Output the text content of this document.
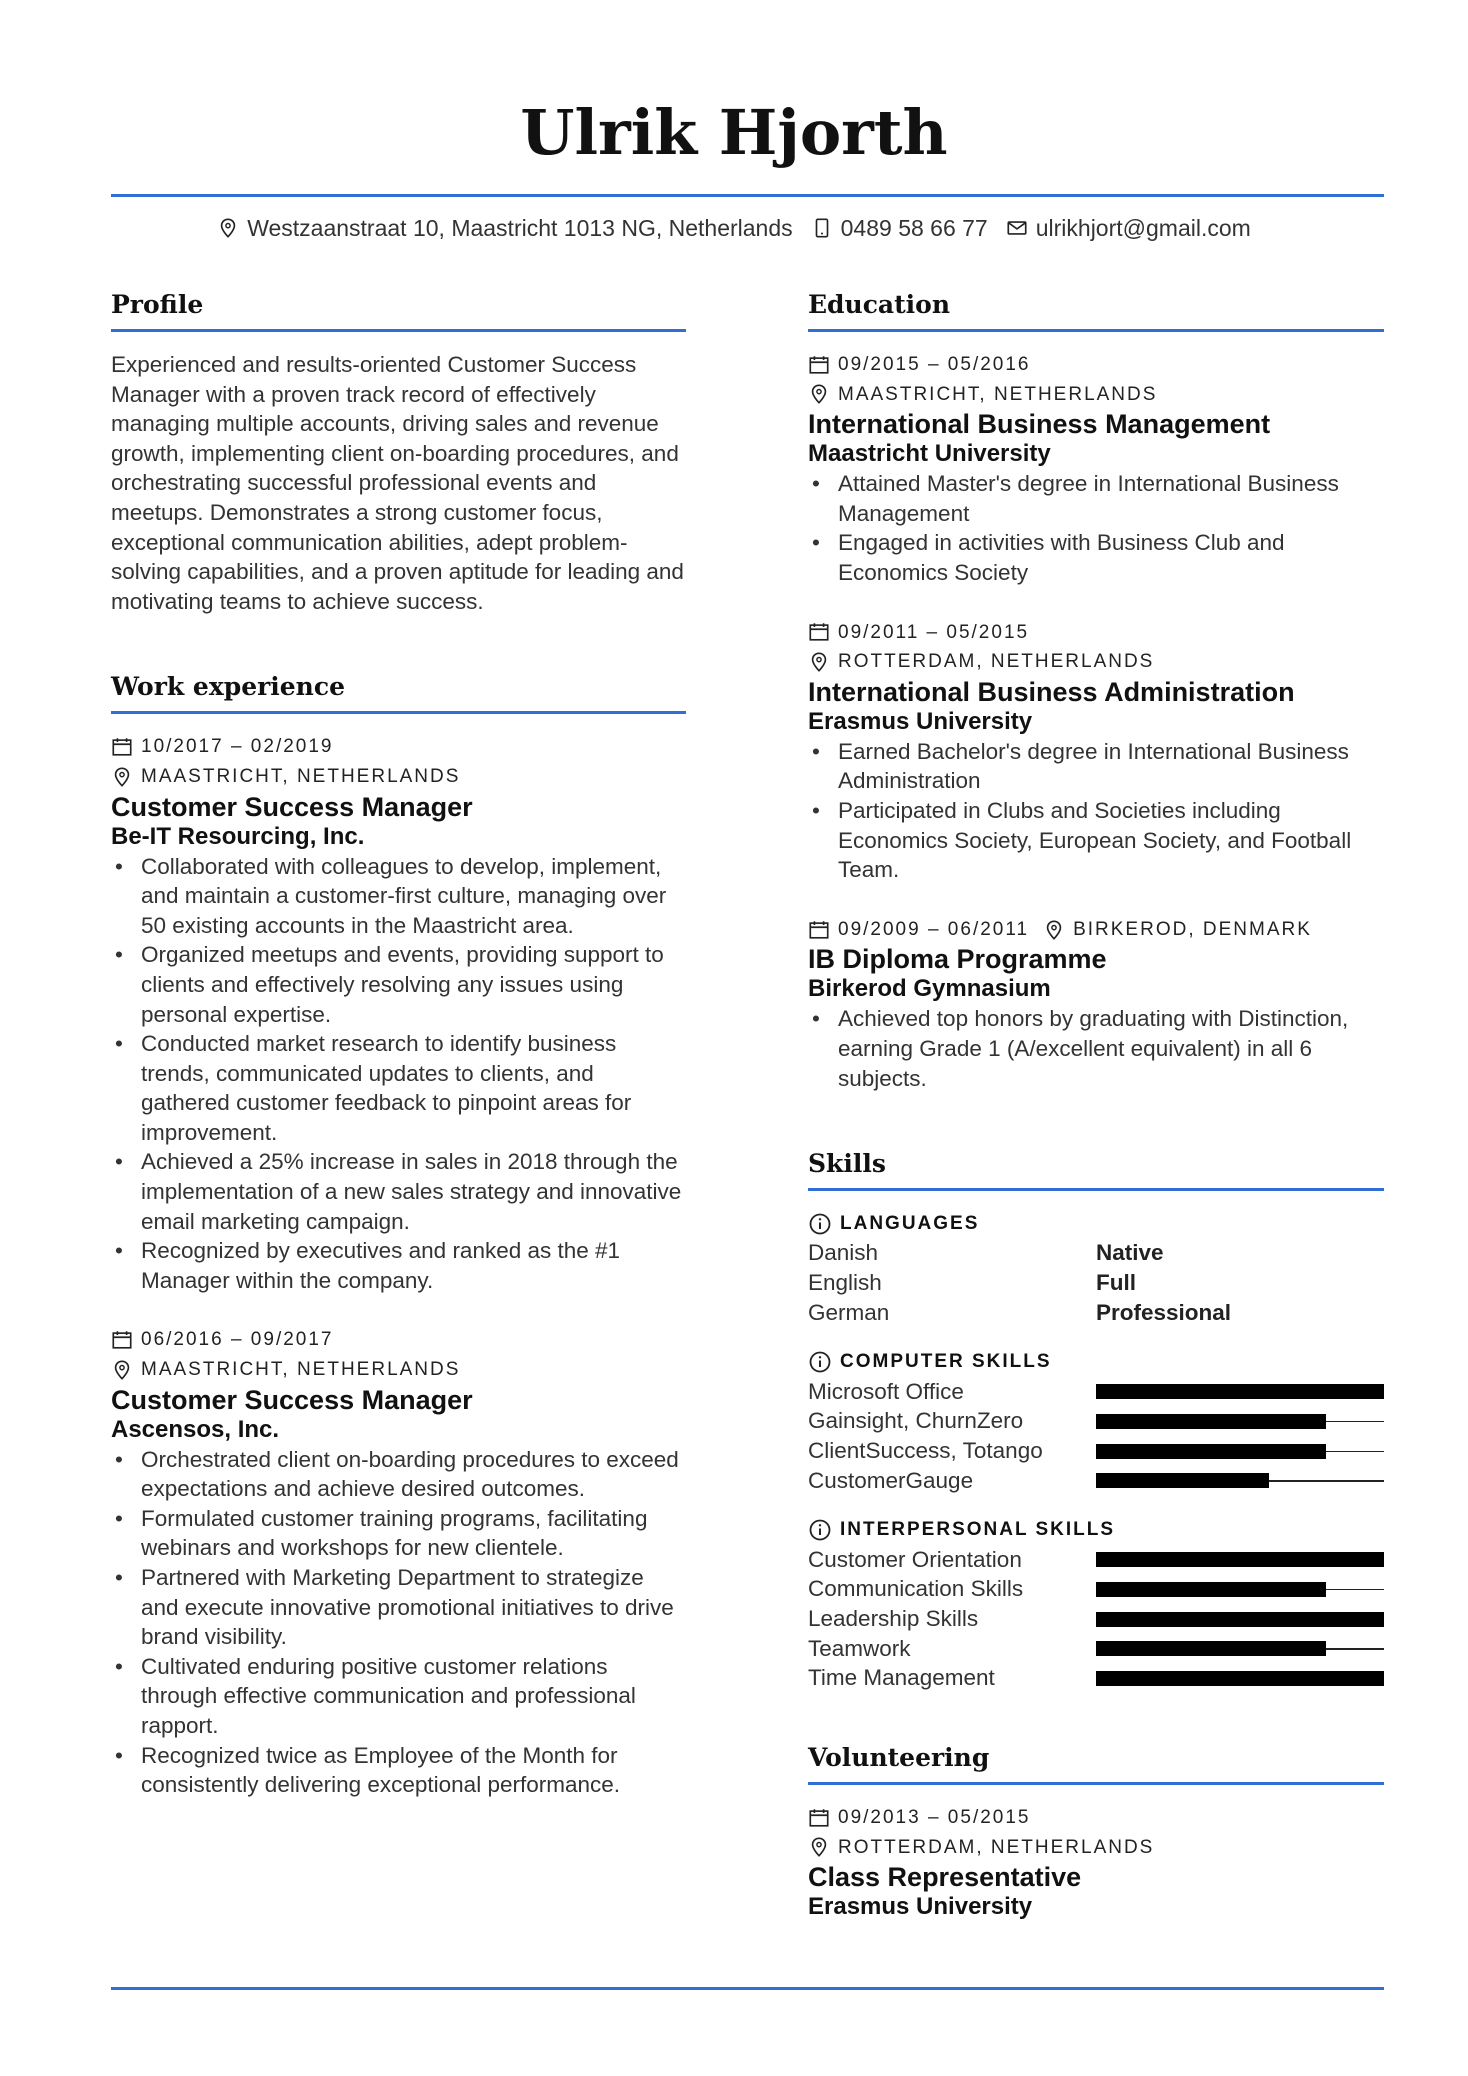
Ulrik Hjorth
Westzaanstraat 10, Maastricht 1013 NG, Netherlands 0489 58 66 77 ulrikhjort@gmail.com
Profile
Experienced and results-oriented Customer Success Manager with a proven track record of effectively managing multiple accounts, driving sales and revenue growth, implementing client on-boarding procedures, and orchestrating successful professional events and meetups. Demonstrates a strong customer focus, exceptional communication abilities, adept problem-solving capabilities, and a proven aptitude for leading and motivating teams to achieve success.
Work experience
10/2017 – 02/2019
MAASTRICHT, NETHERLANDS
Customer Success Manager
Be-IT Resourcing, Inc.
• Collaborated with colleagues to develop, implement, and maintain a customer-first culture, managing over 50 existing accounts in the Maastricht area.
• Organized meetups and events, providing support to clients and effectively resolving any issues using personal expertise.
• Conducted market research to identify business trends, communicated updates to clients, and gathered customer feedback to pinpoint areas for improvement.
• Achieved a 25% increase in sales in 2018 through the implementation of a new sales strategy and innovative email marketing campaign.
• Recognized by executives and ranked as the #1 Manager within the company.
06/2016 – 09/2017
MAASTRICHT, NETHERLANDS
Customer Success Manager
Ascensos, Inc.
• Orchestrated client on-boarding procedures to exceed expectations and achieve desired outcomes.
• Formulated customer training programs, facilitating webinars and workshops for new clientele.
• Partnered with Marketing Department to strategize and execute innovative promotional initiatives to drive brand visibility.
• Cultivated enduring positive customer relations through effective communication and professional rapport.
• Recognized twice as Employee of the Month for consistently delivering exceptional performance.
Education
09/2015 – 05/2016
MAASTRICHT, NETHERLANDS
International Business Management
Maastricht University
• Attained Master's degree in International Business Management
• Engaged in activities with Business Club and Economics Society
09/2011 – 05/2015
ROTTERDAM, NETHERLANDS
International Business Administration
Erasmus University
• Earned Bachelor's degree in International Business Administration
• Participated in Clubs and Societies including Economics Society, European Society, and Football Team.
09/2009 – 06/2011 BIRKEROD, DENMARK
IB Diploma Programme
Birkerod Gymnasium
• Achieved top honors by graduating with Distinction, earning Grade 1 (A/excellent equivalent) in all 6 subjects.
Skills
LANGUAGES
Danish	Native
English	Full
German	Professional
COMPUTER SKILLS
Microsoft Office
Gainsight, ChurnZero
ClientSuccess, Totango
CustomerGauge
INTERPERSONAL SKILLS
Customer Orientation
Communication Skills
Leadership Skills
Teamwork
Time Management
Volunteering
09/2013 – 05/2015
ROTTERDAM, NETHERLANDS
Class Representative
Erasmus University
